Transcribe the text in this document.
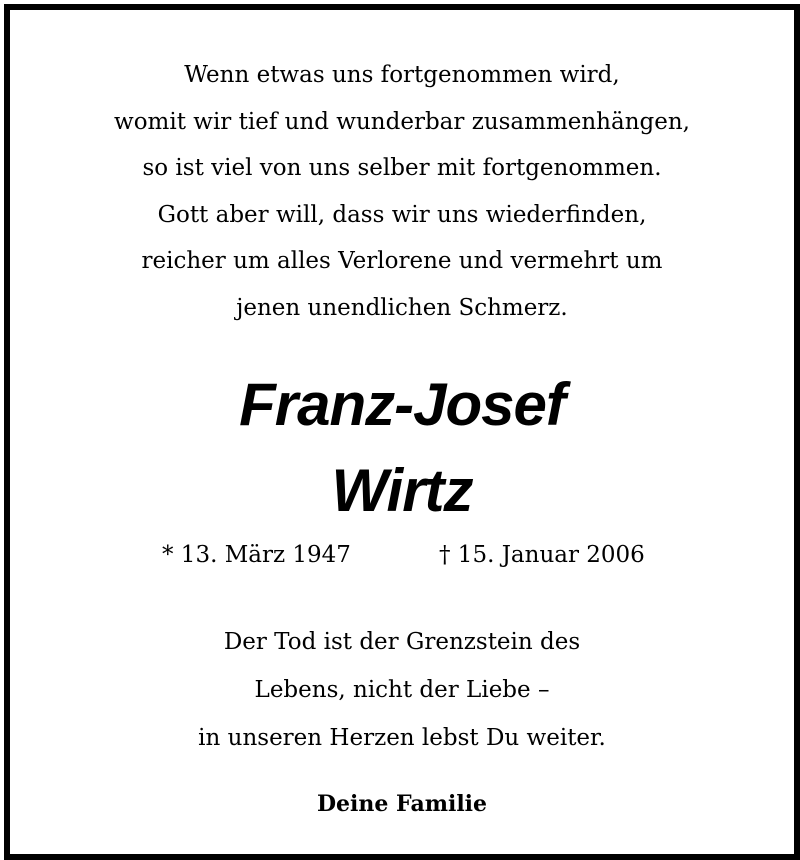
Wenn etwas uns fortgenommen wird,
womit wir tief und wunderbar zusammenhängen,
so ist viel von uns selber mit fortgenommen.
Gott aber will, dass wir uns wiederfinden,
reicher um alles Verlorene und vermehrt um
jenen unendlichen Schmerz.
Franz-Josef
Wirtz
* 13. März 1947	† 15. Januar 2006
Der Tod ist der Grenzstein des
Lebens, nicht der Liebe –
in unseren Herzen lebst Du weiter.
Deine Familie
